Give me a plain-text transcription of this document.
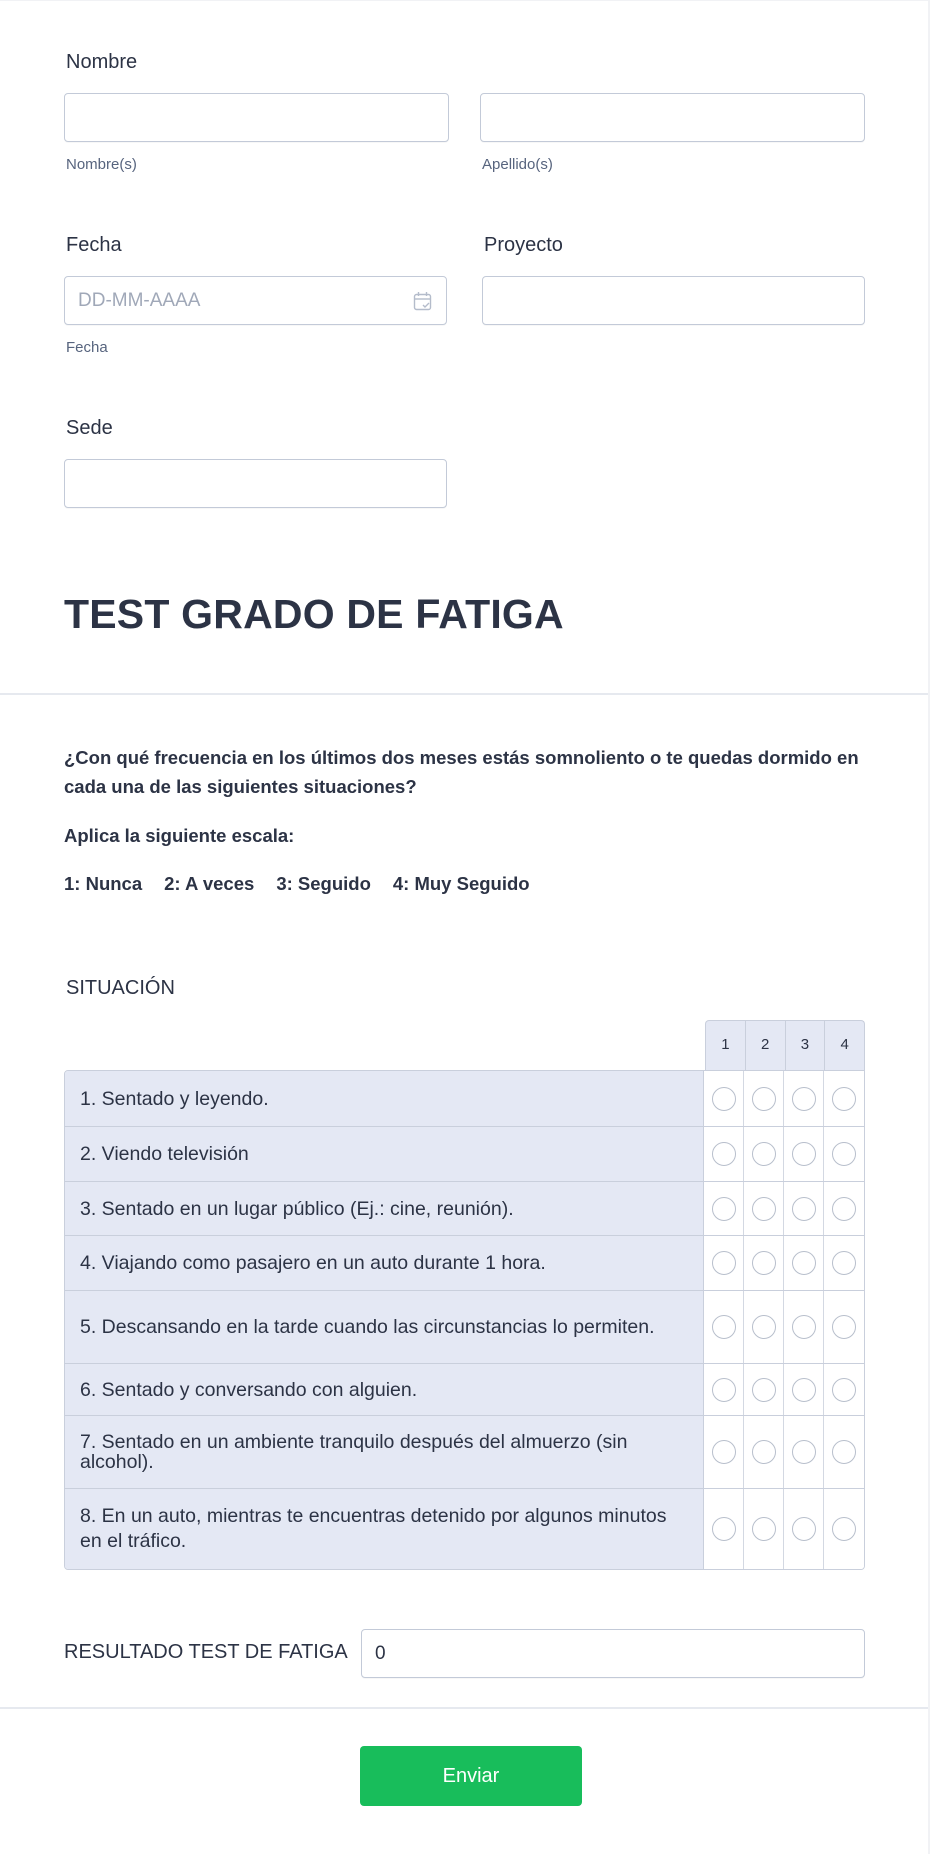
Nombre
Nombre(s)	Apellido(s)
Fecha
DD-MM-AAAA
Fecha
Proyecto
Sede
TEST GRADO DE FATIGA
¿Con qué frecuencia en los últimos dos meses estás somnoliento o te quedas dormido en cada una de las siguientes situaciones?
Aplica la siguiente escala:
1: Nunca 2: A veces 3: Seguido 4: Muy Seguido
SITUACIÓN
1	2	3	4
1. Sentado y leyendo.
2. Viendo televisión
3. Sentado en un lugar público (Ej.: cine, reunión).
4. Viajando como pasajero en un auto durante 1 hora.
5. Descansando en la tarde cuando las circunstancias lo permiten.
6. Sentado y conversando con alguien.
7. Sentado en un ambiente tranquilo después del almuerzo (sin alcohol).
8. En un auto, mientras te encuentras detenido por algunos minutos en el tráfico.
RESULTADO TEST DE FATIGA 0
Enviar
